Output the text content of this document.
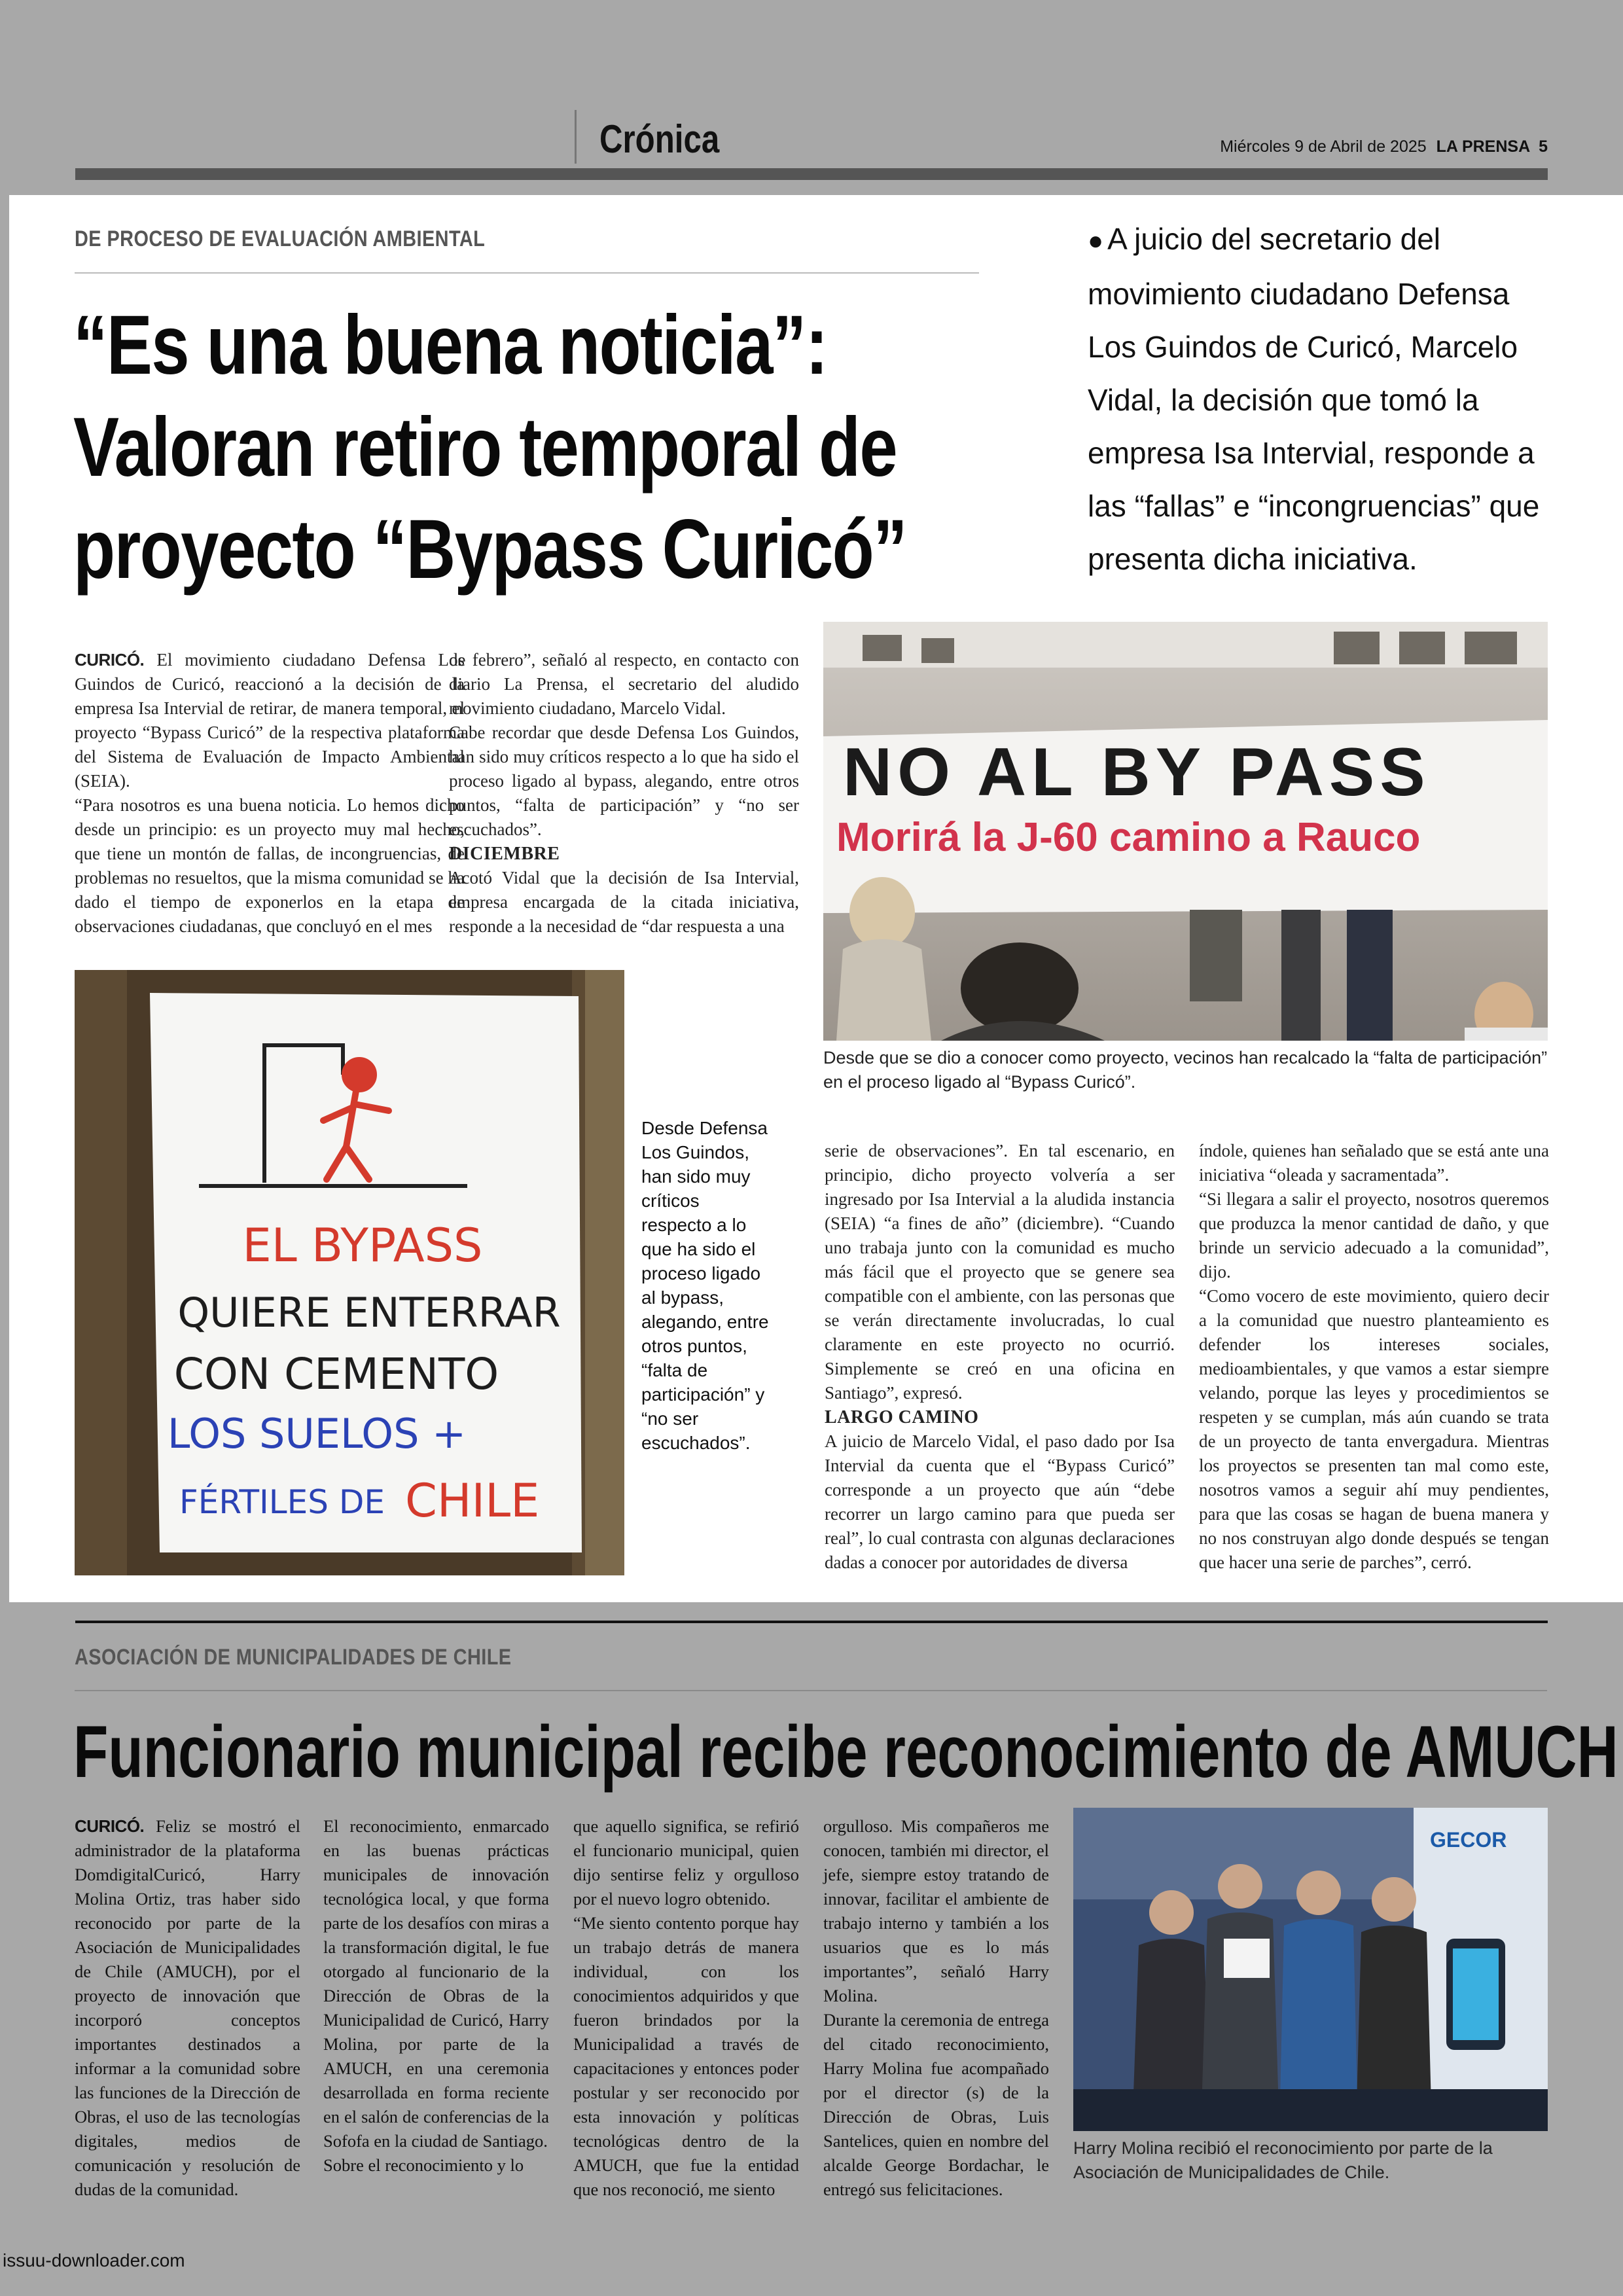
Crónica	Miércoles 9 de Abril de 2025 LA PRENSA 5
DE PROCESO DE EVALUACIÓN AMBIENTAL
“Es una buena noticia”: Valoran retiro temporal de proyecto “Bypass Curicó”
● A juicio del secretario del movimiento ciudadano Defensa Los Guindos de Curicó, Marcelo Vidal, la decisión que tomó la empresa Isa Intervial, responde a las “fallas” e “incongruencias” que presenta dicha iniciativa.

CURICÓ. El movimiento ciudadano Defensa Los Guindos de Curicó, reaccionó a la decisión de la empresa Isa Intervial de retirar, de manera temporal, el proyecto “Bypass Curicó” de la respectiva plataforma del Sistema de Evaluación de Impacto Ambiental (SEIA).

“Para nosotros es una buena noticia. Lo hemos dicho desde un principio: es un proyecto muy mal hecho, que tiene un montón de fallas, de incongruencias, de problemas no resueltos, que la misma comunidad se ha dado el tiempo de exponerlos en la etapa de observaciones ciudadanas, que concluyó en el mes

de febrero”, señaló al respecto, en contacto con diario La Prensa, el secretario del aludido movimiento ciudadano, Marcelo Vidal.

Cabe recordar que desde Defensa Los Guindos, han sido muy críticos respecto a lo que ha sido el proceso ligado al bypass, alegando, entre otros puntos, “falta de participación” y “no ser escuchados”.

DICIEMBRE

Acotó Vidal que la decisión de Isa Intervial, empresa encargada de la citada iniciativa, responde a la necesidad de “dar respuesta a una

NO AL BY PASS
Morirá la J-60 camino a Rauco
Desde que se dio a conocer como proyecto, vecinos han recalcado la “falta de participación” en el proceso ligado al “Bypass Curicó”.
EL BYPASS
QUIERE ENTERRAR
CON CEMENTO
LOS SUELOS +
FÉRTILES DE CHILE
Desde Defensa Los Guindos, han sido muy críticos respecto a lo que ha sido el proceso ligado al bypass, alegando, entre otros puntos, “falta de participación” y “no ser escuchados”.

serie de observaciones”. En tal escenario, en principio, dicho proyecto volvería a ser ingresado por Isa Intervial a la aludida instancia (SEIA) “a fines de año” (diciembre). “Cuando uno trabaja junto con la comunidad es mucho más fácil que el proyecto que se genere sea compatible con el ambiente, con las personas que se verán directamente involucradas, lo cual claramente en este proyecto no ocurrió. Simplemente se creó en una oficina en Santiago”, expresó.

LARGO CAMINO

A juicio de Marcelo Vidal, el paso dado por Isa Intervial da cuenta que el “Bypass Curicó” corresponde a un proyecto que aún “debe recorrer un largo camino para que pueda ser real”, lo cual contrasta con algunas declaraciones dadas a conocer por autoridades de diversa

índole, quienes han señalado que se está ante una iniciativa “oleada y sacramentada”.

“Si llegara a salir el proyecto, nosotros queremos que produzca la menor cantidad de daño, y que brinde un servicio adecuado a la comunidad”, dijo.

“Como vocero de este movimiento, quiero decir a la comunidad que nuestro planteamiento es defender los intereses sociales, medioambientales, y que vamos a estar siempre velando, porque las leyes y procedimientos se respeten y se cumplan, más aún cuando se trata de un proyecto de tanta envergadura. Mientras los proyectos se presenten tan mal como este, nosotros vamos a seguir ahí muy pendientes, para que las cosas se hagan de buena manera y no nos construyan algo donde después se tengan que hacer una serie de parches”, cerró.

ASOCIACIÓN DE MUNICIPALIDADES DE CHILE
Funcionario municipal recibe reconocimiento de AMUCH

CURICÓ. Feliz se mostró el administrador de la plataforma DomdigitalCuricó, Harry Molina Ortiz, tras haber sido reconocido por parte de la Asociación de Municipalidades de Chile (AMUCH), por el proyecto de innovación que incorporó conceptos importantes destinados a informar a la comunidad sobre las funciones de la Dirección de Obras, el uso de las tecnologías digitales, medios de comunicación y resolución de dudas de la comunidad.

El reconocimiento, enmarcado en las buenas prácticas municipales de innovación tecnológica local, y que forma parte de los desafíos con miras a la transformación digital, le fue otorgado al funcionario de la Dirección de Obras de la Municipalidad de Curicó, Harry Molina, por parte de la AMUCH, en una ceremonia desarrollada en forma reciente en el salón de conferencias de la Sofofa en la ciudad de Santiago.

Sobre el reconocimiento y lo

que aquello significa, se refirió el funcionario municipal, quien dijo sentirse feliz y orgulloso por el nuevo logro obtenido.

“Me siento contento porque hay un trabajo detrás de manera individual, con los conocimientos adquiridos y que fueron brindados por la Municipalidad a través de capacitaciones y entonces poder postular y ser reconocido por esta innovación y políticas tecnológicas dentro de la AMUCH, que fue la entidad que nos reconoció, me siento

orgulloso. Mis compañeros me conocen, también mi director, el jefe, siempre estoy tratando de innovar, facilitar el ambiente de trabajo interno y también a los usuarios que es lo más importantes”, señaló Harry Molina.

Durante la ceremonia de entrega del citado reconocimiento, Harry Molina fue acompañado por el director (s) de la Dirección de Obras, Luis Santelices, quien en nombre del alcalde George Bordachar, le entregó sus felicitaciones.

GECOR
Harry Molina recibió el reconocimiento por parte de la Asociación de Municipalidades de Chile.
issuu-downloader.com
